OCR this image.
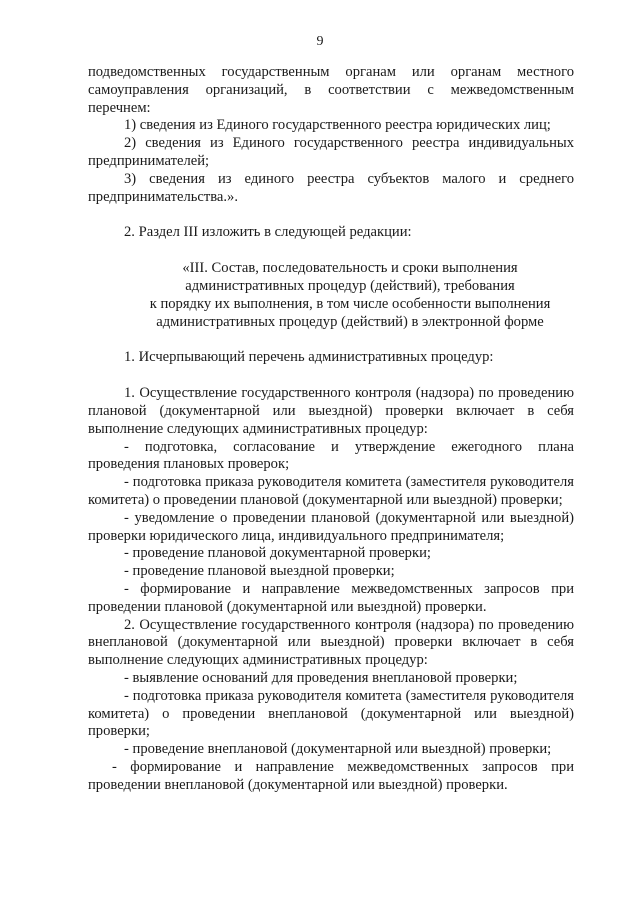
9

подведомственных государственным органам или органам местного самоуправления организаций, в соответствии с межведомственным перечнем:

1) сведения из Единого государственного реестра юридических лиц;

2) сведения из Единого государственного реестра индивидуальных предпринимателей;

3) сведения из единого реестра субъектов малого и среднего предпринимательства.».

2. Раздел III изложить в следующей редакции:

«III. Состав, последовательность и сроки выполнения
административных процедур (действий), требования
к порядку их выполнения, в том числе особенности выполнения
административных процедур (действий) в электронной форме

1. Исчерпывающий перечень административных процедур:

1. Осуществление государственного контроля (надзора) по проведению плановой (документарной или выездной) проверки включает в себя выполнение следующих административных процедур:

- подготовка, согласование и утверждение ежегодного плана проведения плановых проверок;

- подготовка приказа руководителя комитета (заместителя руководителя комитета) о проведении плановой (документарной или выездной) проверки;

- уведомление о проведении плановой (документарной или выездной) проверки юридического лица, индивидуального предпринимателя;

- проведение плановой документарной проверки;

- проведение плановой выездной проверки;

- формирование и направление межведомственных запросов при проведении плановой (документарной или выездной) проверки.

2. Осуществление государственного контроля (надзора) по проведению внеплановой (документарной или выездной) проверки включает в себя выполнение следующих административных процедур:

- выявление оснований для проведения внеплановой проверки;

- подготовка приказа руководителя комитета (заместителя руководителя комитета) о проведении внеплановой (документарной или выездной) проверки;

- проведение внеплановой (документарной или выездной) проверки;

- формирование и направление межведомственных запросов при проведении внеплановой (документарной или выездной) проверки.
